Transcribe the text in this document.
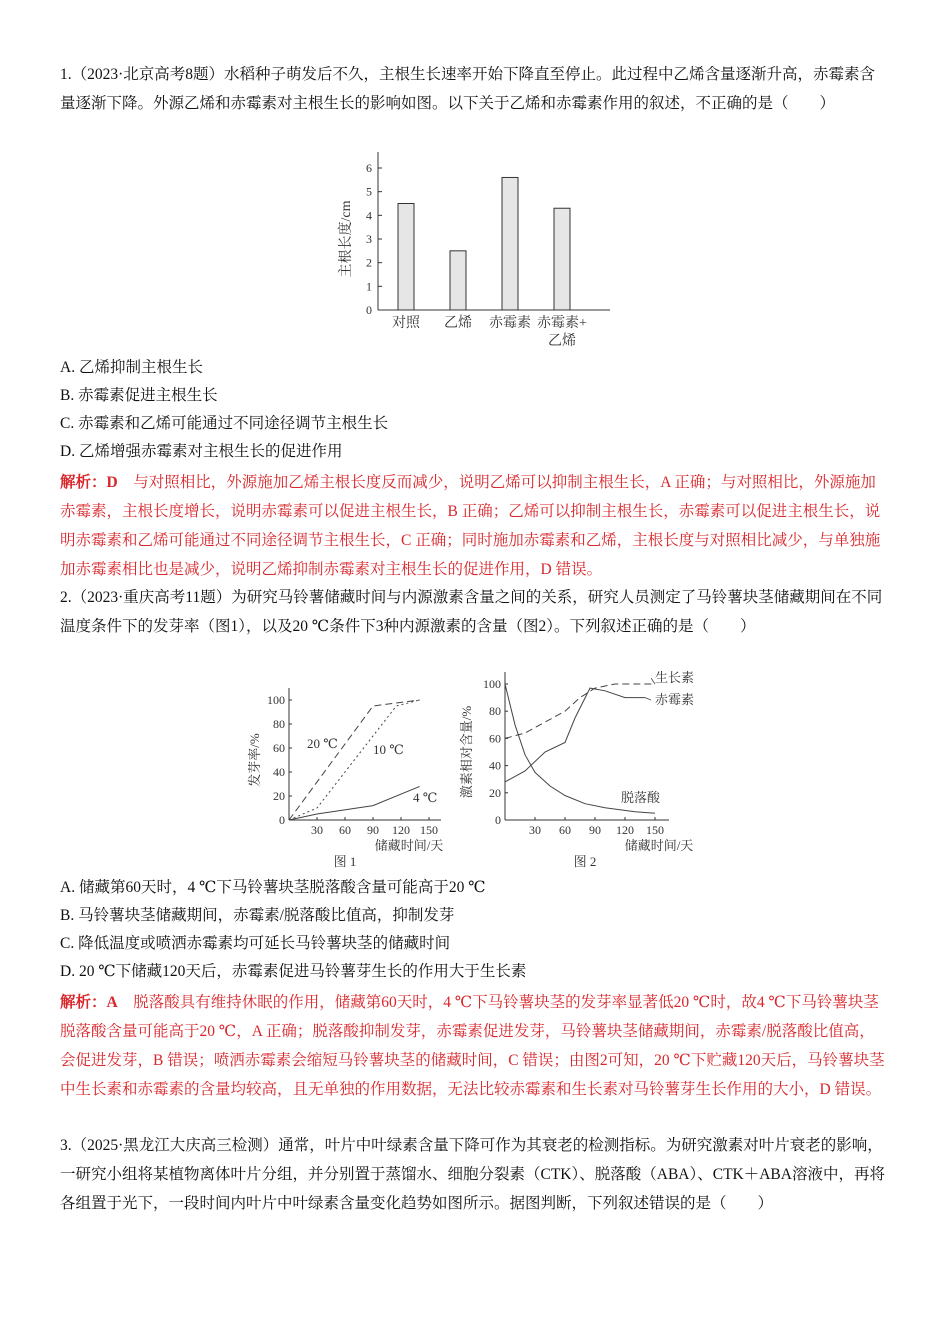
1.（2023·北京高考8题）水稻种子萌发后不久，主根生长速率开始下降直至停止。此过程中乙烯含量逐渐升高，赤霉素含量逐渐下降。外源乙烯和赤霉素对主根生长的影响如图。以下关于乙烯和赤霉素作用的叙述，不正确的是（　　）

0
1
2
3
4
5
6
主根长度/cm
对照 乙烯 赤霉素 赤霉素+
乙烯

A. 乙烯抑制主根生长

B. 赤霉素促进主根生长

C. 赤霉素和乙烯可能通过不同途径调节主根生长

D. 乙烯增强赤霉素对主根生长的促进作用

解析：D　与对照相比，外源施加乙烯主根长度反而减少，说明乙烯可以抑制主根生长，A 正确；与对照相比，外源施加赤霉素，主根长度增长，说明赤霉素可以促进主根生长，B 正确；乙烯可以抑制主根生长，赤霉素可以促进主根生长，说明赤霉素和乙烯可能通过不同途径调节主根生长，C 正确；同时施加赤霉素和乙烯，主根长度与对照相比减少，与单独施加赤霉素相比也是减少，说明乙烯抑制赤霉素对主根生长的促进作用，D 错误。

2.（2023·重庆高考11题）为研究马铃薯储藏时间与内源激素含量之间的关系，研究人员测定了马铃薯块茎储藏期间在不同温度条件下的发芽率（图1），以及20 ℃条件下3种内源激素的含量（图2）。下列叙述正确的是（　　）

0
30 60 90 120 150
20
40
60
80
100
储藏时间/天
发芽率/%
图 1
20 ℃	10 ℃
4 ℃
0
30 60 90 120 150
20
40
60
80
100
储藏时间/天
激素相对含量/%
图 2
生长素
赤霉素
脱落酸

A. 储藏第60天时，4 ℃下马铃薯块茎脱落酸含量可能高于20 ℃

B. 马铃薯块茎储藏期间，赤霉素/脱落酸比值高，抑制发芽

C. 降低温度或喷洒赤霉素均可延长马铃薯块茎的储藏时间

D. 20 ℃下储藏120天后，赤霉素促进马铃薯芽生长的作用大于生长素

解析：A　脱落酸具有维持休眠的作用，储藏第60天时，4 ℃下马铃薯块茎的发芽率显著低20 ℃时，故4 ℃下马铃薯块茎脱落酸含量可能高于20 ℃，A 正确；脱落酸抑制发芽，赤霉素促进发芽，马铃薯块茎储藏期间，赤霉素/脱落酸比值高，会促进发芽，B 错误；喷洒赤霉素会缩短马铃薯块茎的储藏时间，C 错误；由图2可知，20 ℃下贮藏120天后，马铃薯块茎中生长素和赤霉素的含量均较高，且无单独的作用数据，无法比较赤霉素和生长素对马铃薯芽生长作用的大小，D 错误。

3.（2025·黑龙江大庆高三检测）通常，叶片中叶绿素含量下降可作为其衰老的检测指标。为研究激素对叶片衰老的影响，一研究小组将某植物离体叶片分组，并分别置于蒸馏水、细胞分裂素（CTK）、脱落酸（ABA）、CTK＋ABA溶液中，再将各组置于光下，一段时间内叶片中叶绿素含量变化趋势如图所示。据图判断，下列叙述错误的是（　　）
